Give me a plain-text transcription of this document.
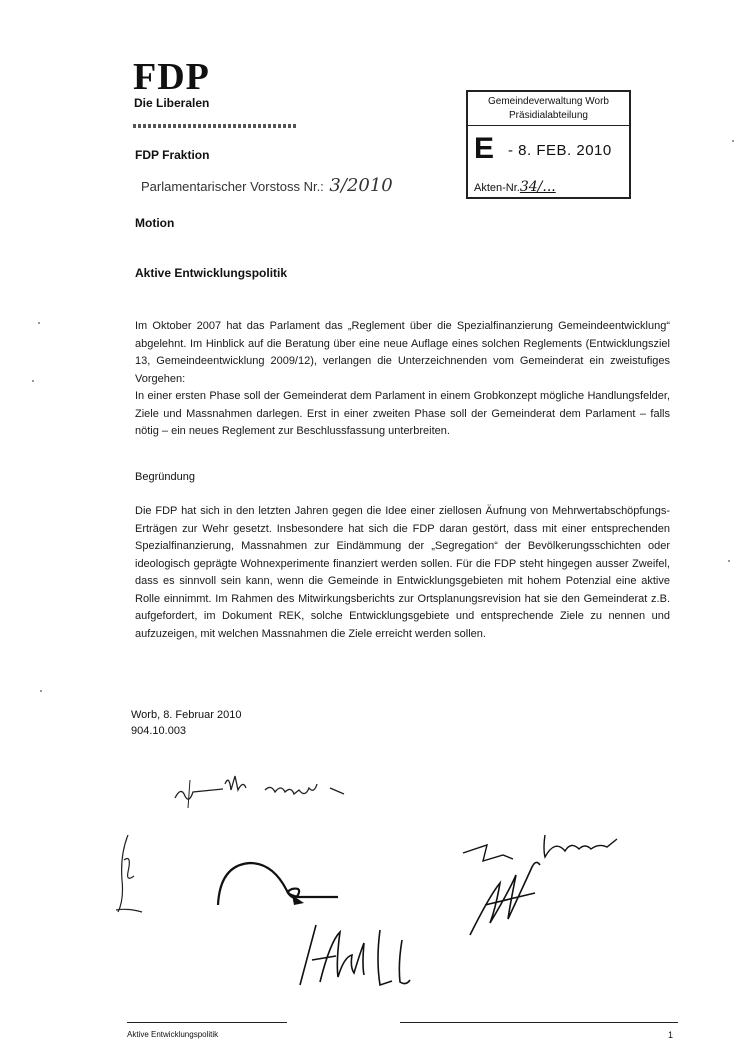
FDP
Die Liberalen	Gemeindeverwaltung Worb
Präsidialabteilung
E - 8. FEB. 2010
Akten-Nr.34/...
FDP Fraktion
Parlamentarischer Vorstoss Nr.: 3/2010
Motion
Aktive Entwicklungspolitik

Im Oktober 2007 hat das Parlament das „Reglement über die Spezialfinanzierung Gemeindeentwicklung“ abgelehnt. Im Hinblick auf die Beratung über eine neue Auflage eines solchen Reglements (Entwicklungsziel 13, Gemeindeentwicklung 2009/12), verlangen die Unterzeichnenden vom Gemeinderat ein zweistufiges Vorgehen:

In einer ersten Phase soll der Gemeinderat dem Parlament in einem Grobkonzept mögliche Handlungsfelder, Ziele und Massnahmen darlegen. Erst in einer zweiten Phase soll der Gemeinderat dem Parlament – falls nötig – ein neues Reglement zur Beschlussfassung unterbreiten.

Begründung

Die FDP hat sich in den letzten Jahren gegen die Idee einer ziellosen Äufnung von Mehrwertabschöpfungs-Erträgen zur Wehr gesetzt. Insbesondere hat sich die FDP daran gestört, dass mit einer entsprechenden Spezialfinanzierung, Massnahmen zur Eindämmung der „Segregation“ der Bevölkerungsschichten oder ideologisch geprägte Wohnexperimente finanziert werden sollen. Für die FDP steht hingegen ausser Zweifel, dass es sinnvoll sein kann, wenn die Gemeinde in Entwicklungsgebieten mit hohem Potenzial eine aktive Rolle einnimmt. Im Rahmen des Mitwirkungsberichts zur Ortsplanungsrevision hat sie den Gemeinderat z.B. aufgefordert, im Dokument REK, solche Entwicklungsgebiete und entsprechende Ziele zu nennen und aufzuzeigen, mit welchen Massnahmen die Ziele erreicht werden sollen.

Worb, 8. Februar 2010
904.10.003
Aktive Entwicklungspolitik	1
